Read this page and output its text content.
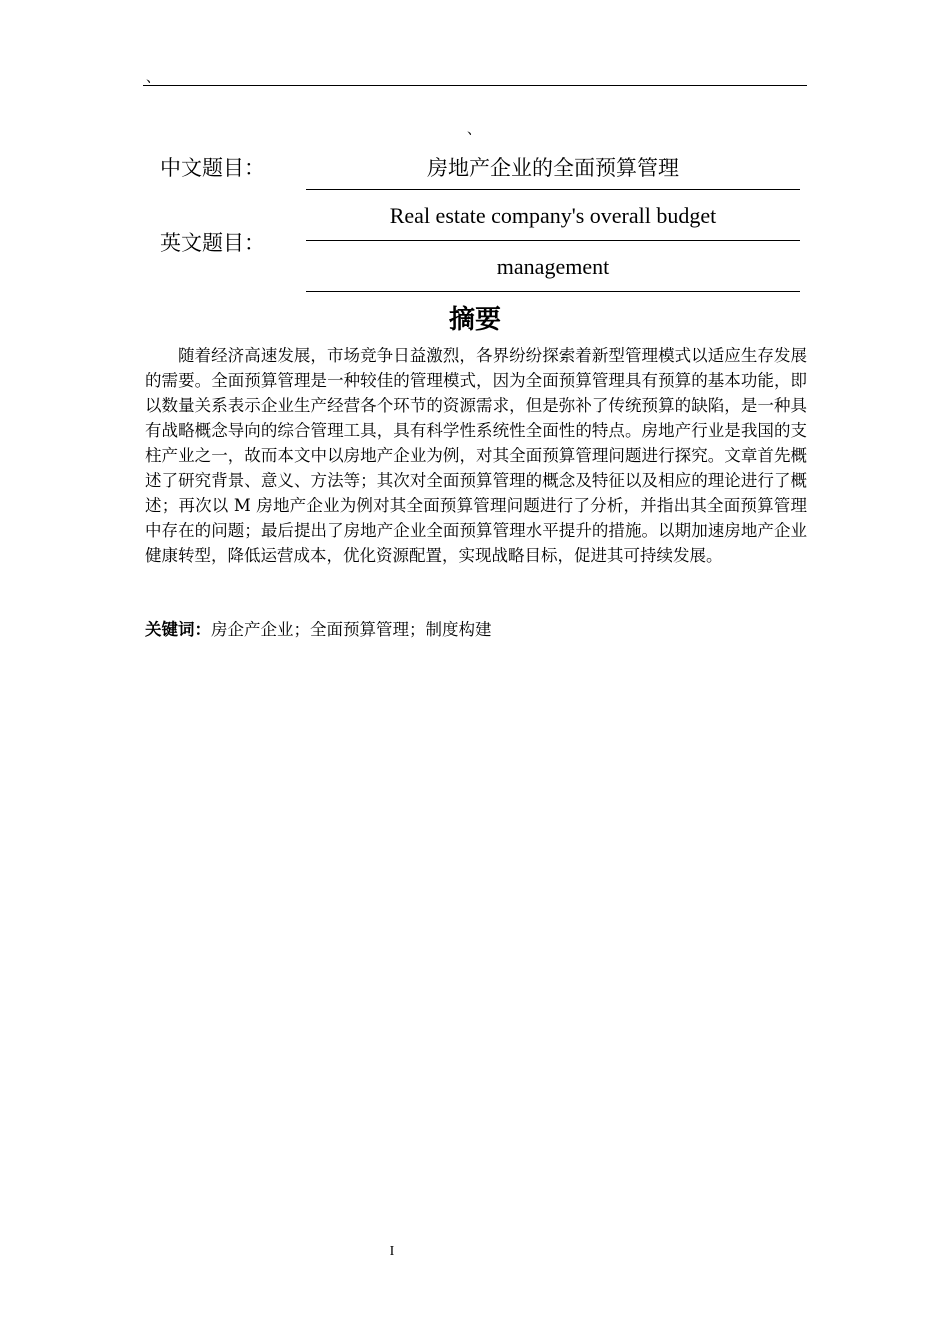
、
、
中文题目：	房地产企业的全面预算管理
英文题目：
Real estate company's overall budget
management
摘要

随着经济高速发展，市场竞争日益激烈，各界纷纷探索着新型管理模式以适应生存发展的需要。全面预算管理是一种较佳的管理模式，因为全面预算管理具有预算的基本功能，即以数量关系表示企业生产经营各个环节的资源需求，但是弥补了传统预算的缺陷，是一种具有战略概念导向的综合管理工具，具有科学性系统性全面性的特点。房地产行业是我国的支柱产业之一，故而本文中以房地产企业为例，对其全面预算管理问题进行探究。文章首先概述了研究背景、意义、方法等；其次对全面预算管理的概念及特征以及相应的理论进行了概述；再次以 M 房地产企业为例对其全面预算管理问题进行了分析，并指出其全面预算管理中存在的问题；最后提出了房地产企业全面预算管理水平提升的措施。以期加速房地产企业健康转型，降低运营成本，优化资源配置，实现战略目标，促进其可持续发展。

关键词：房企产企业；全面预算管理；制度构建
I
